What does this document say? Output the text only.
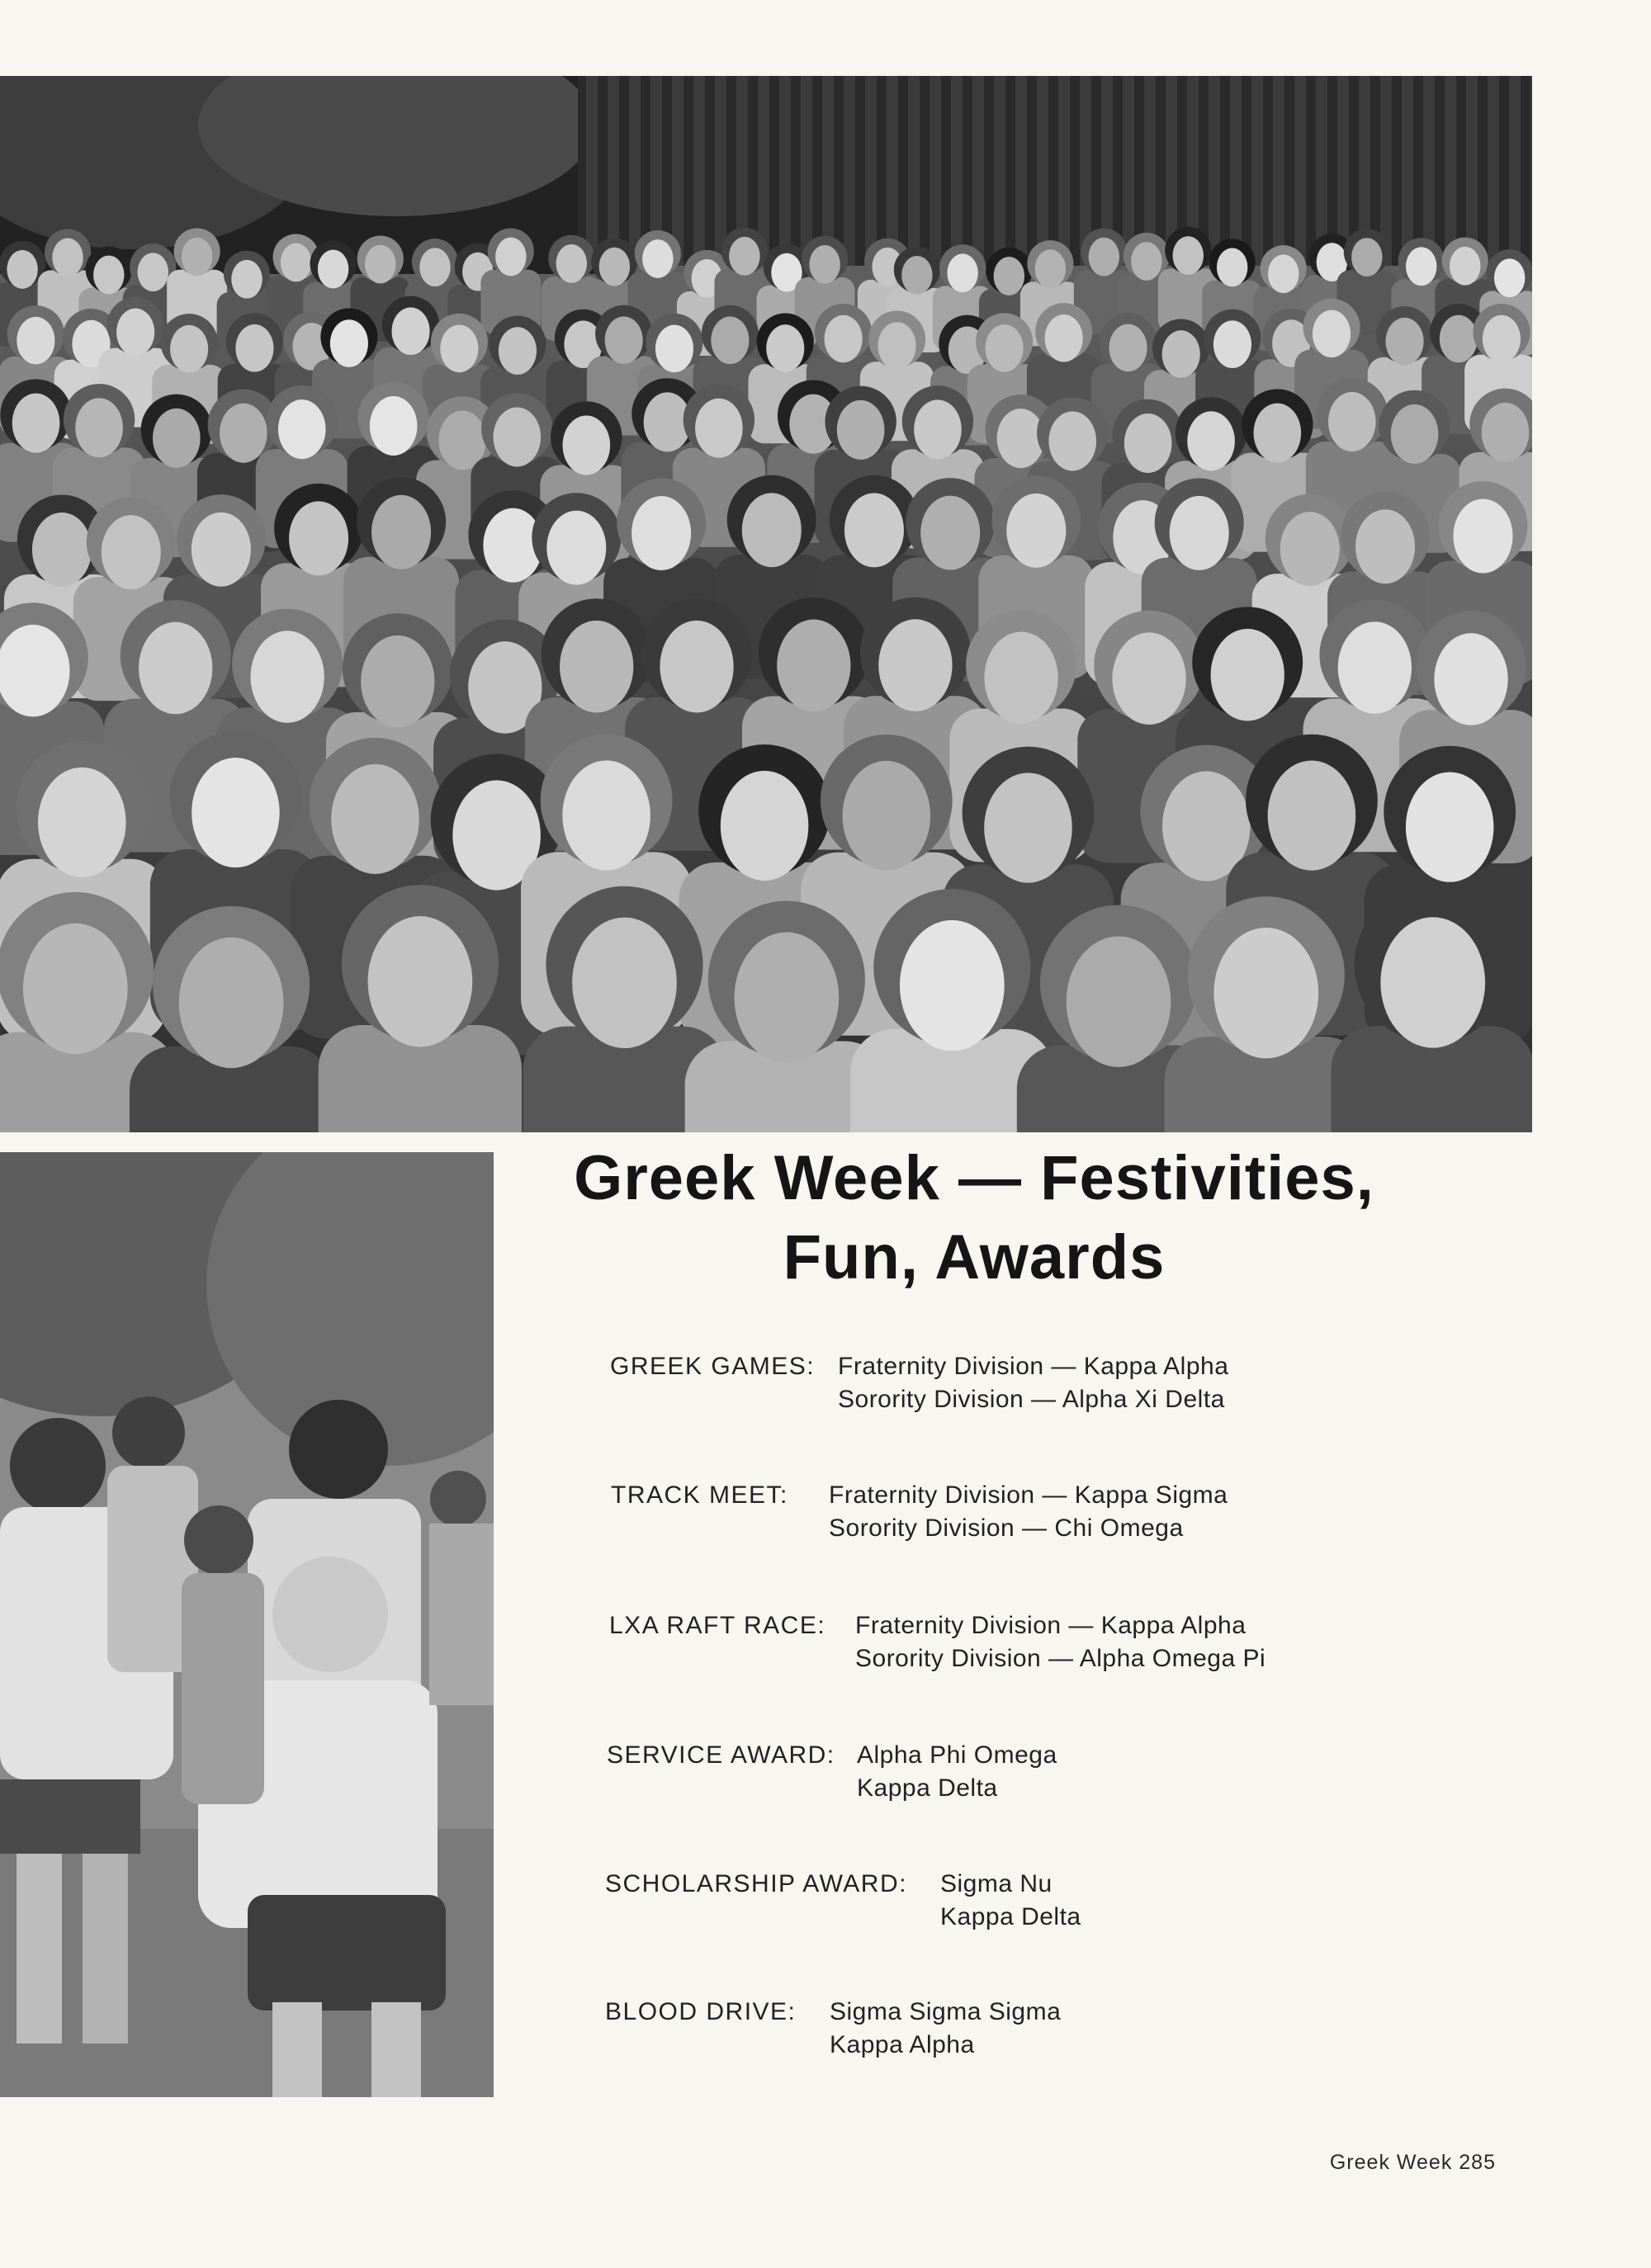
Greek Week — Festivities,
Fun, Awards
GREEK GAMES: Fraternity Division — Kappa Alpha
Sorority Division — Alpha Xi Delta
TRACK MEET: Fraternity Division — Kappa Sigma
Sorority Division — Chi Omega
LXA RAFT RACE: Fraternity Division — Kappa Alpha
Sorority Division — Alpha Omega Pi
SERVICE AWARD: Alpha Phi Omega
Kappa Delta
SCHOLARSHIP AWARD: Sigma Nu
Kappa Delta
BLOOD DRIVE: Sigma Sigma Sigma
Kappa Alpha
Greek Week 285
